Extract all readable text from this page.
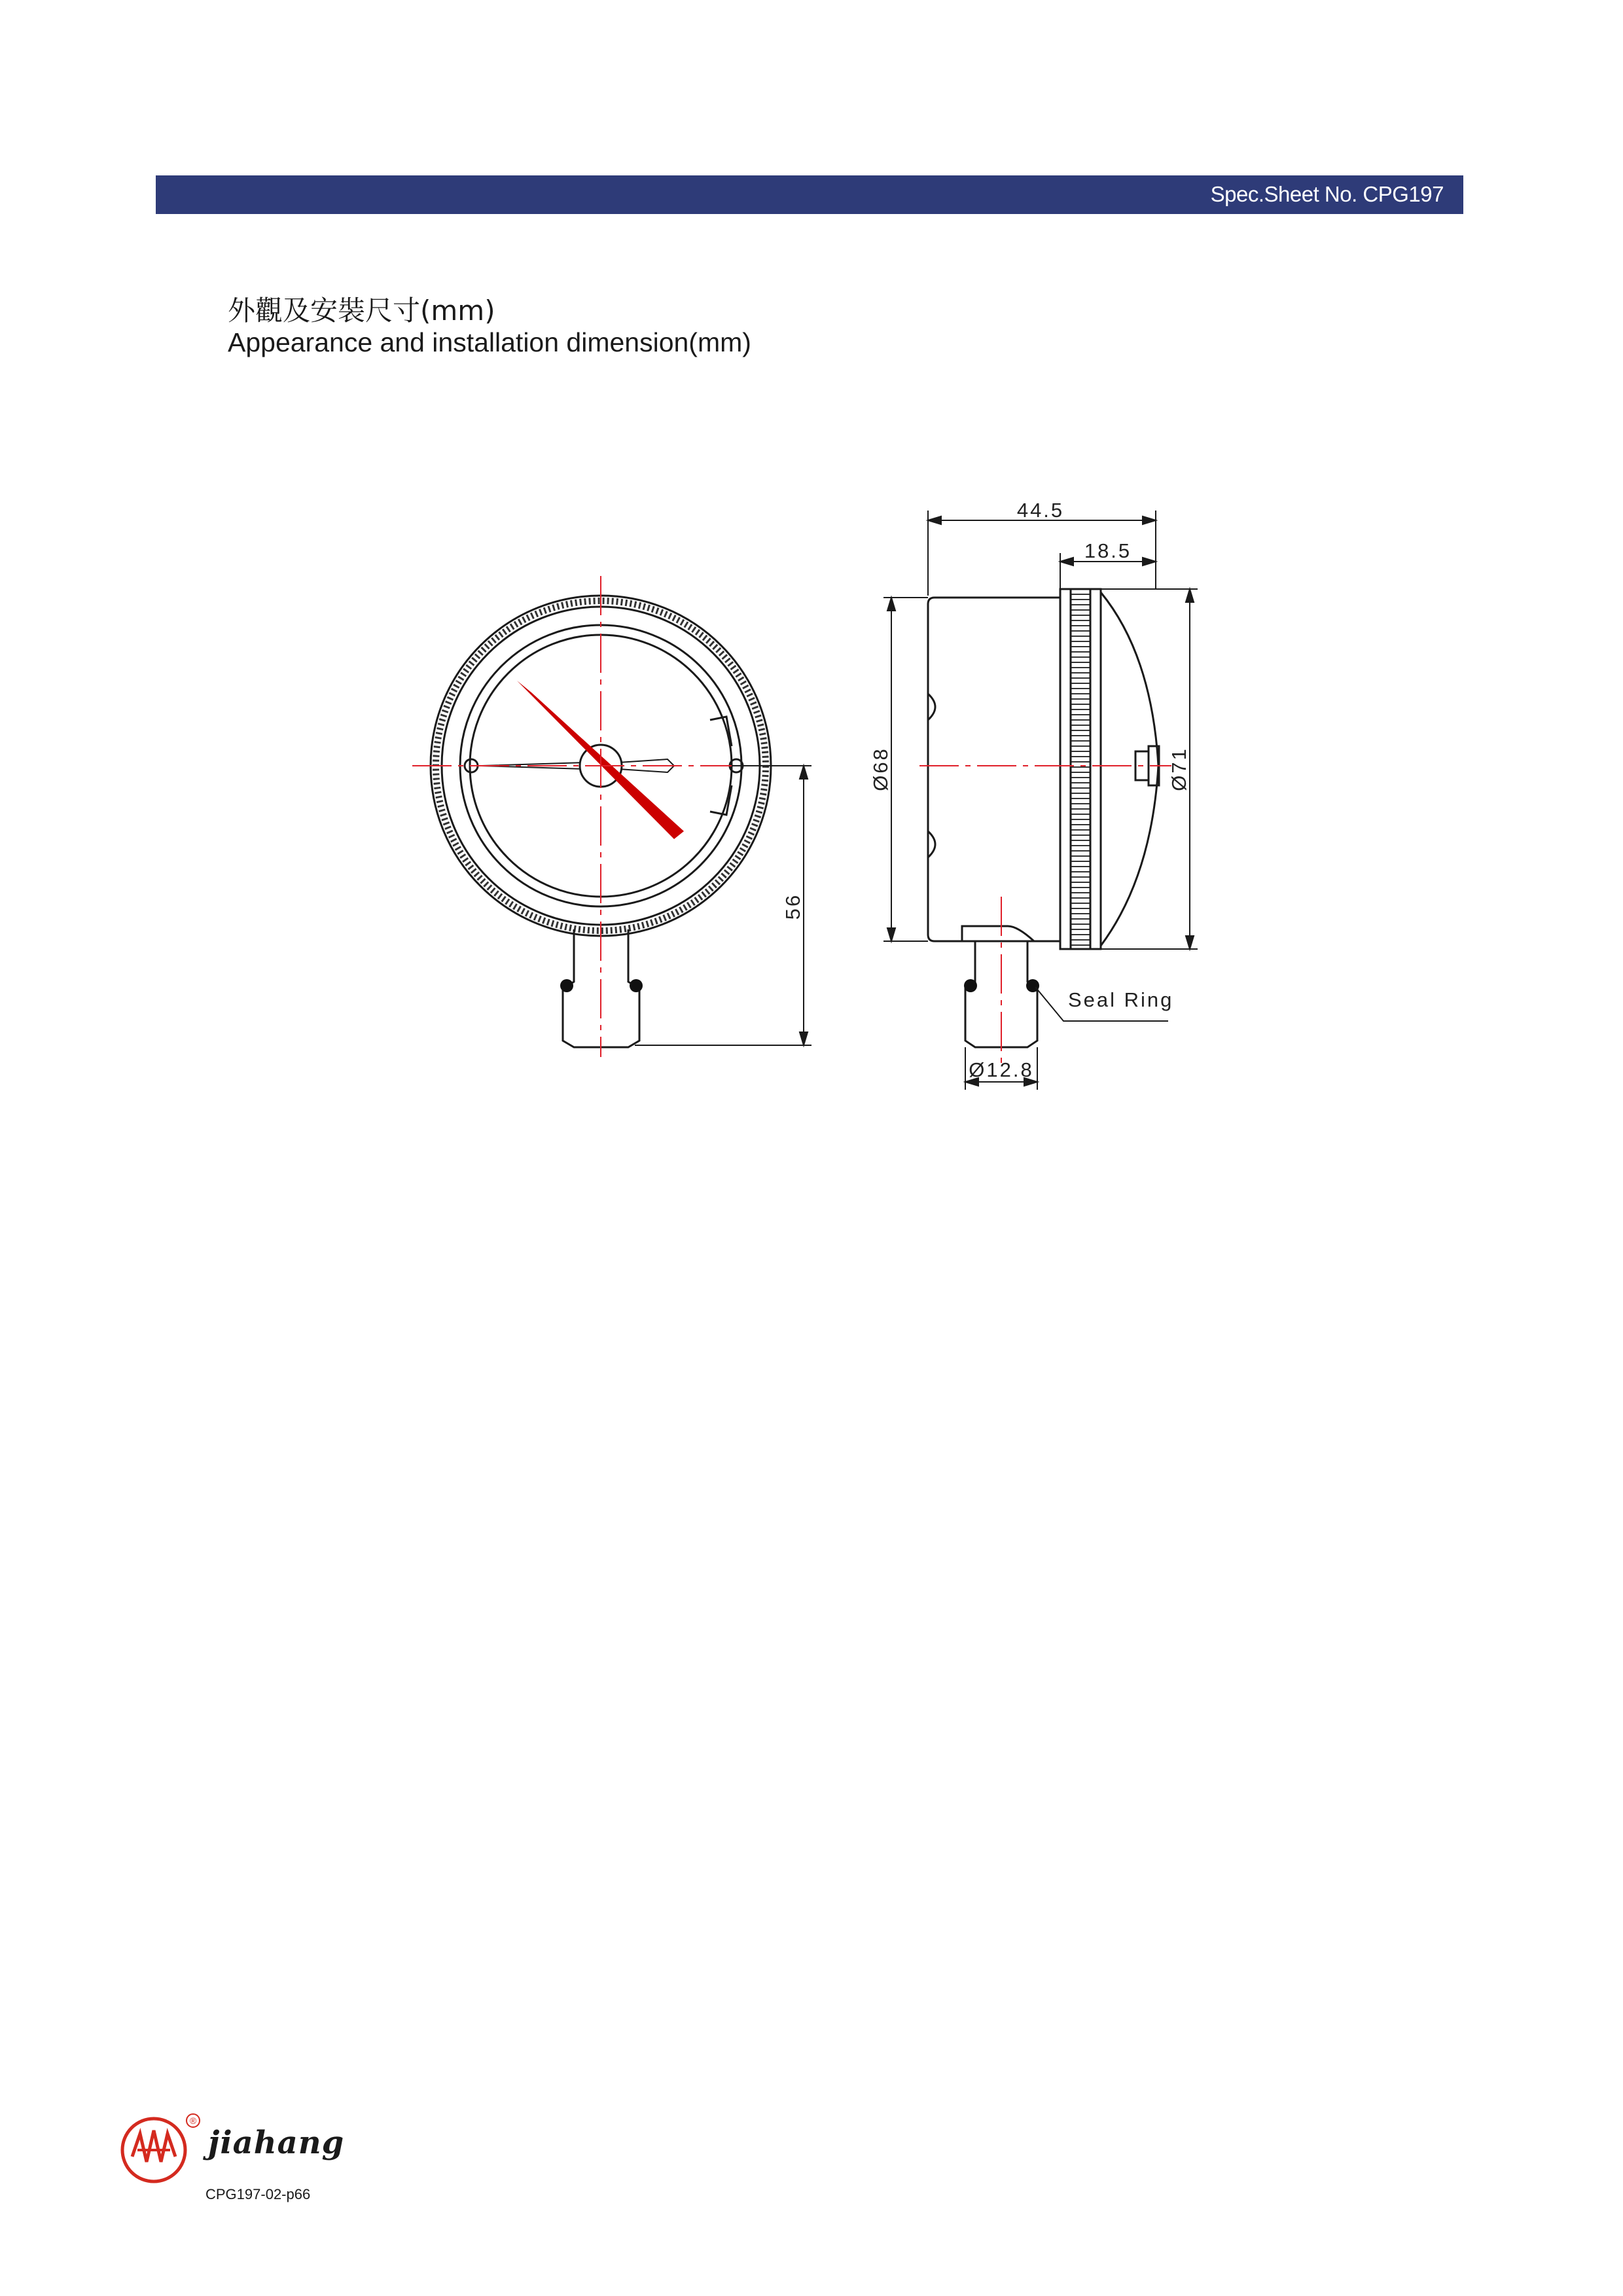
Spec.Sheet No. CPG197
外觀及安裝尺寸(mm)
Appearance and installation dimension(mm)
56
44.5
18.5
Ø68	Ø71
Ø12.8
Seal Ring
®
jiahang
CPG197-02-p66
